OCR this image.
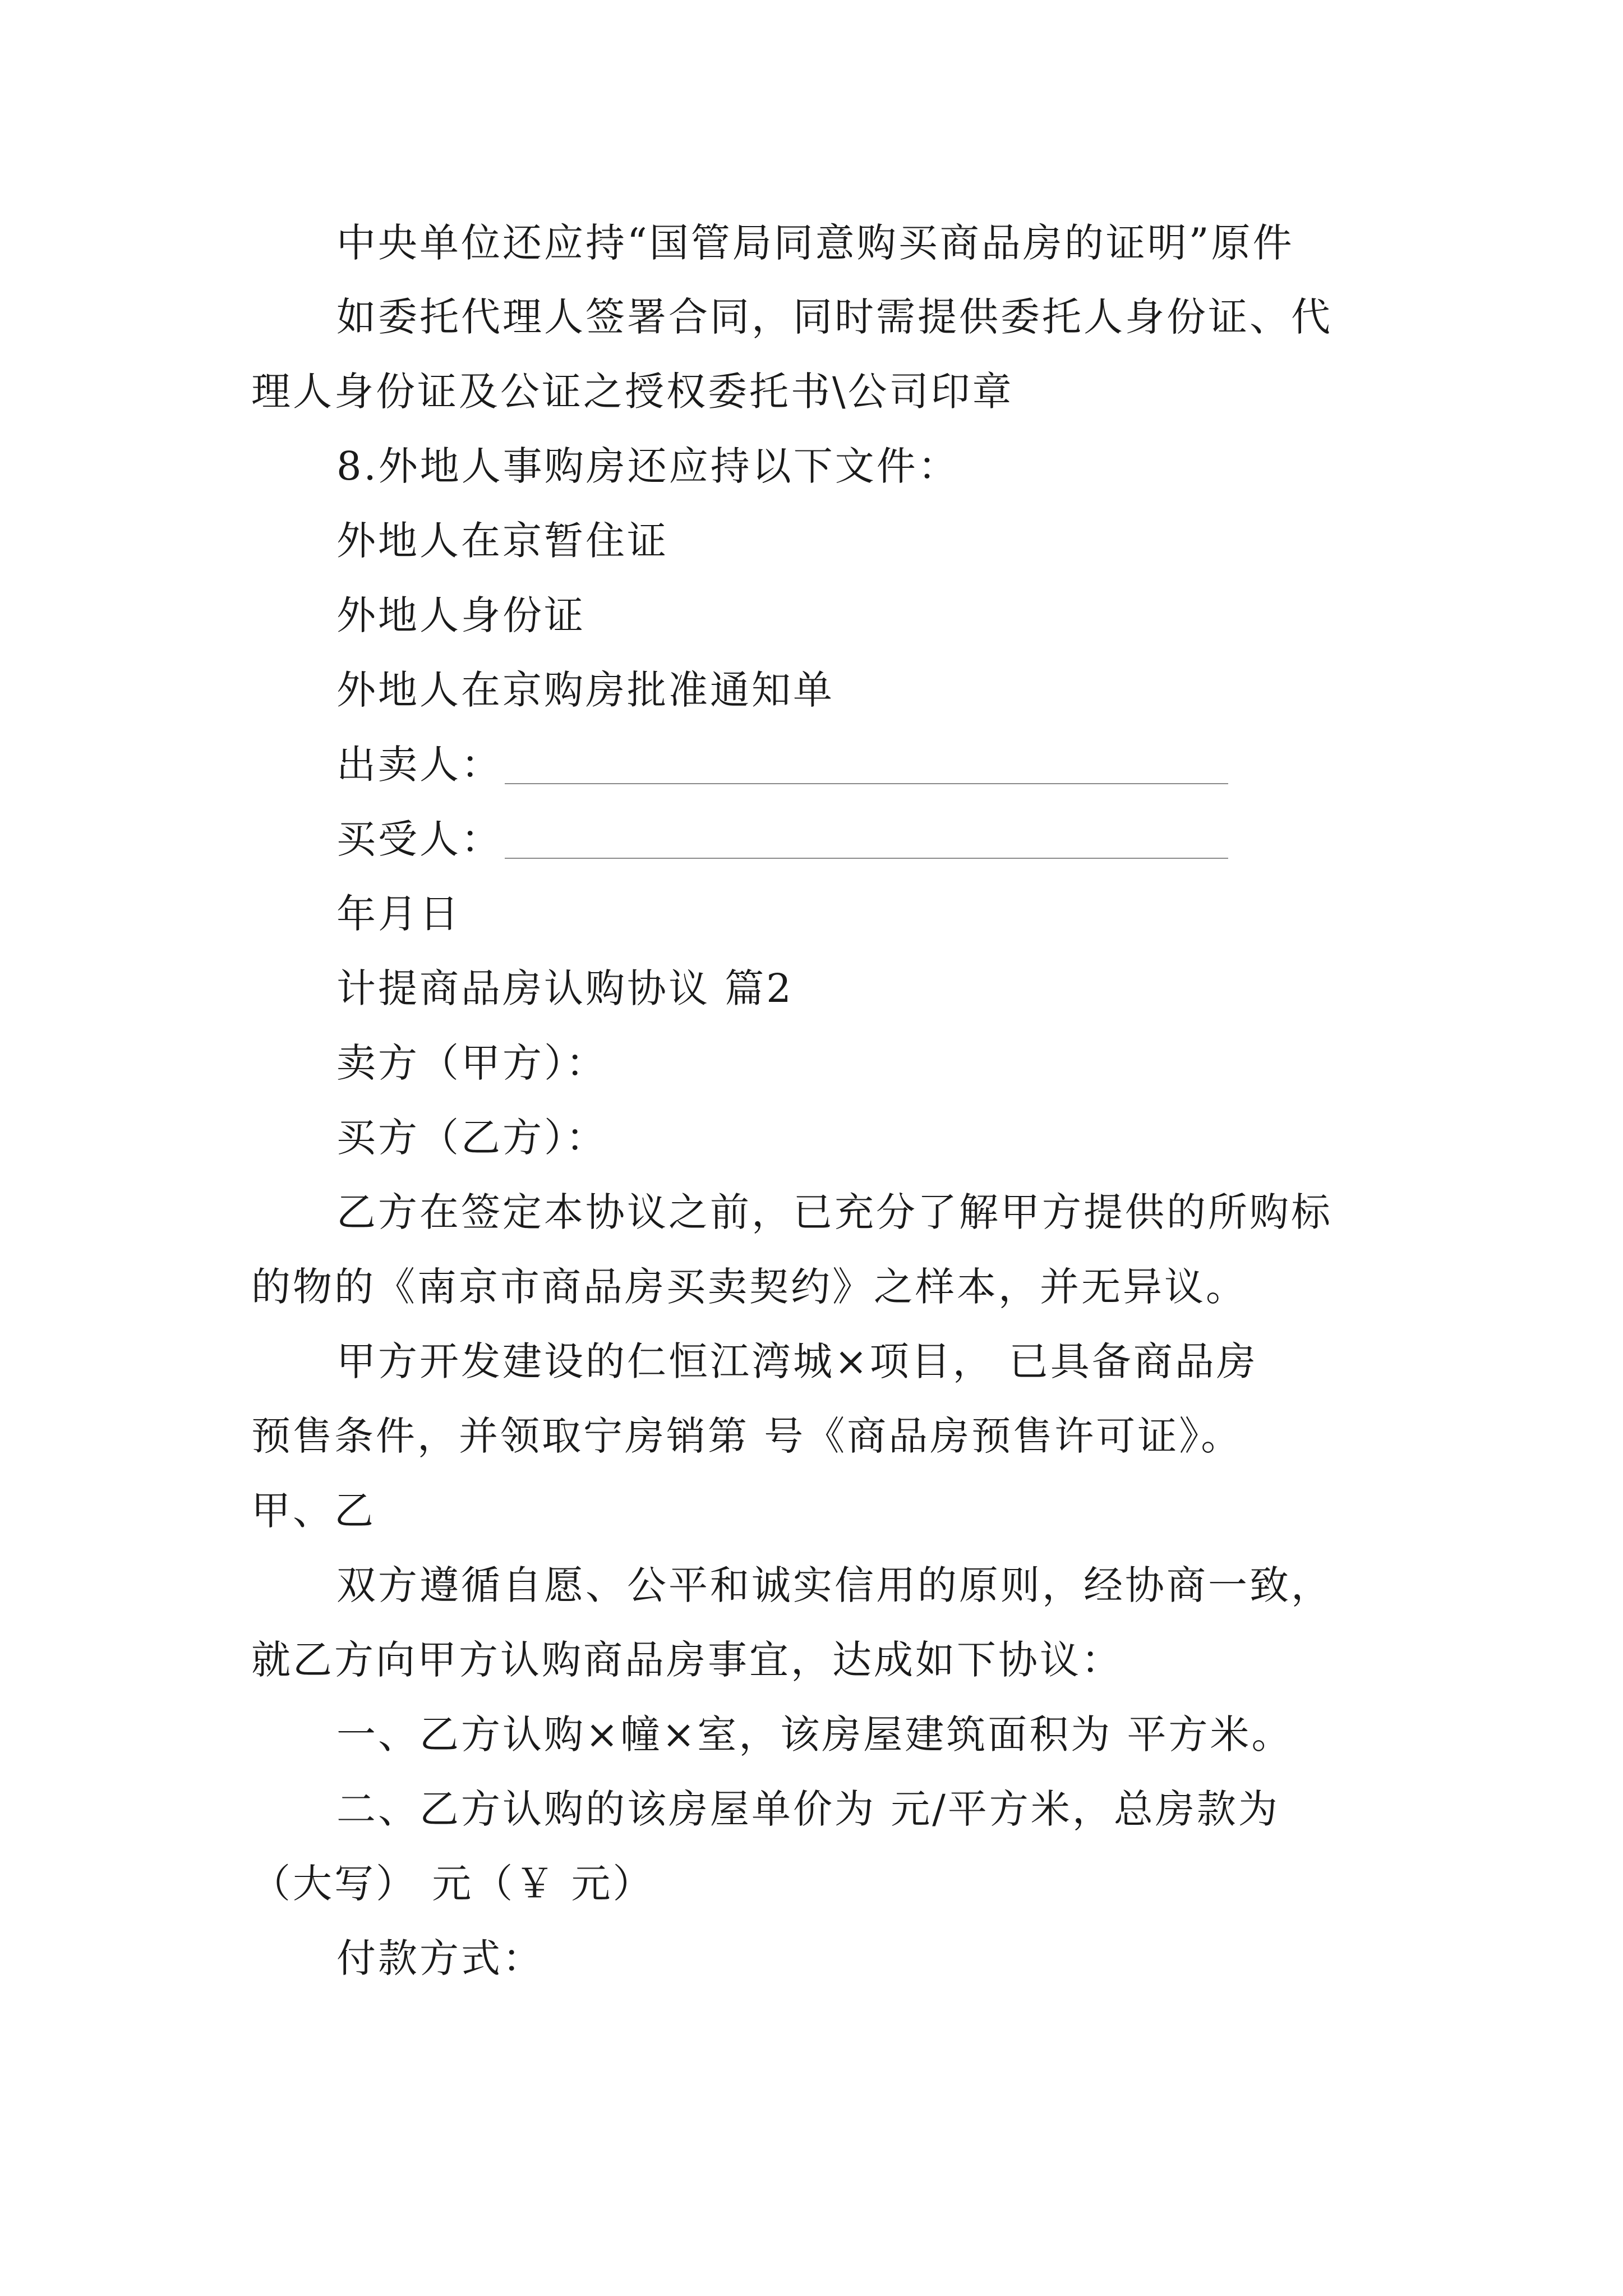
中央单位还应持“国管局同意购买商品房的证明”原件
如委托代理人签署合同，同时需提供委托人身份证、代
理人身份证及公证之授权委托书\公司印章
8.外地人事购房还应持以下文件：
外地人在京暂住证
外地人身份证
外地人在京购房批准通知单
出卖人：
买受人：
年月日
计提商品房认购协议 篇2
卖方（甲方）：
买方（乙方）：
乙方在签定本协议之前，已充分了解甲方提供的所购标
的物的《南京市商品房买卖契约》之样本，并无异议。
甲方开发建设的仁恒江湾城×项目， 已具备商品房
预售条件，并领取宁房销第 号《商品房预售许可证》。
甲、乙
双方遵循自愿、公平和诚实信用的原则，经协商一致，
就乙方向甲方认购商品房事宜，达成如下协议：
一、乙方认购×幢×室，该房屋建筑面积为 平方米。
二、乙方认购的该房屋单价为 元/平方米，总房款为
（大写） 元（￥ 元）
付款方式：
